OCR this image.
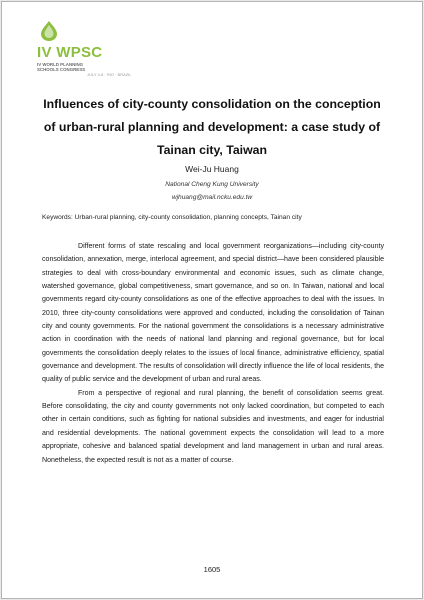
IV WPSC
IV WORLD PLANNING
SCHOOLS CONGRESS
JULY 4-8 · RIO · BRAZIL
Influences of city-county consolidation on the conception of urban-rural planning and development: a case study of Tainan city, Taiwan
Wei-Ju Huang
National Cheng Kung University
wjhuang@mail.ncku.edu.tw
Keywords: Urban-rural planning, city-county consolidation, planning concepts, Tainan city

Different forms of state rescaling and local government reorganizations—including city-county consolidation, annexation, merge, interlocal agreement, and special district—have been considered plausible strategies to deal with cross-boundary environmental and economic issues, such as climate change, watershed governance, global competitiveness, smart governance, and so on. In Taiwan, national and local governments regard city-county consolidations as one of the effective approaches to deal with the issues. In 2010, three city-county consolidations were approved and conducted, including the consolidation of Tainan city and county governments. For the national government the consolidations is a necessary administrative action in coordination with the needs of national land planning and regional governance, but for local governments the consolidation deeply relates to the issues of local finance, administrative efficiency, spatial governance and development. The results of consolidation will directly influence the life of local residents, the quality of public service and the development of urban and rural areas.

From a perspective of regional and rural planning, the benefit of consolidation seems great. Before consolidating, the city and county governments not only lacked coordination, but competed to each other in certain conditions, such as fighting for national subsidies and investments, and eager for industrial and residential developments. The national government expects the consolidation will lead to a more appropriate, cohesive and balanced spatial development and land management in urban and rural areas. Nonetheless, the expected result is not as a matter of course.

1605
